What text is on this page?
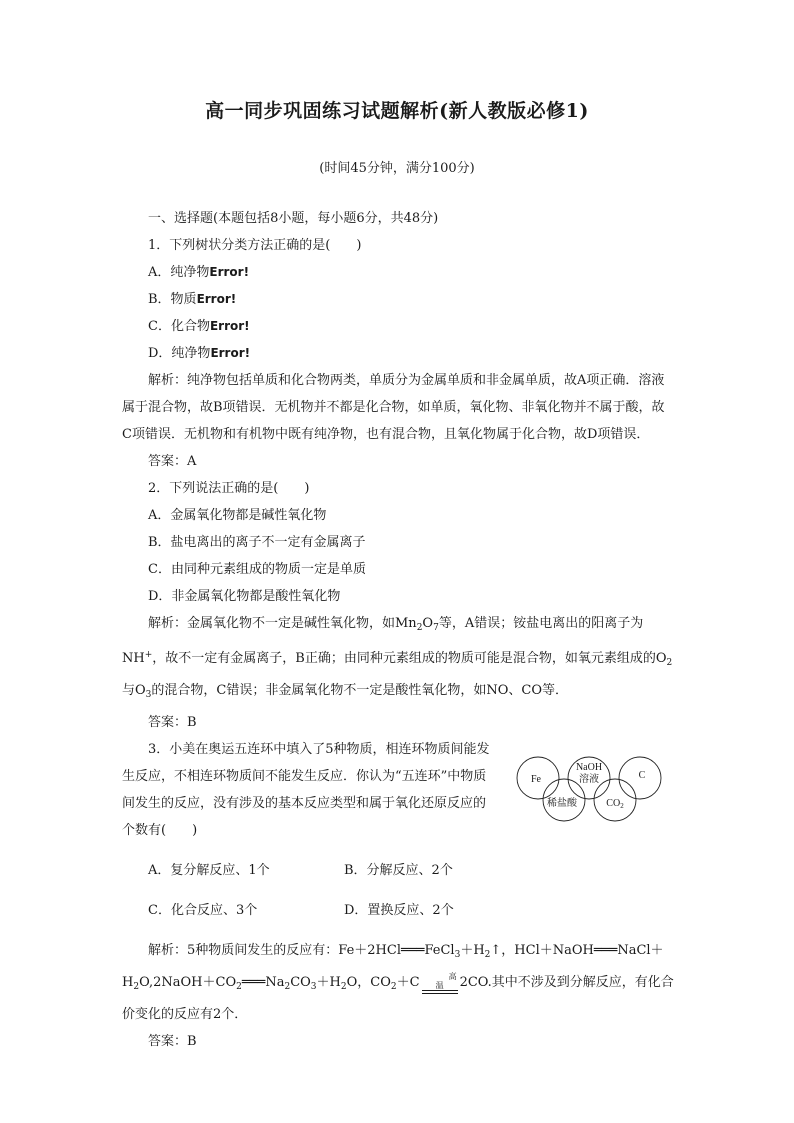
高一同步巩固练习试题解析(新人教版必修1)
(时间45分钟，满分100分)

一、选择题(本题包括8小题，每小题6分，共48分)

1．下列树状分类方法正确的是(　　)

A．纯净物Error!

B．物质Error!

C．化合物Error!

D．纯净物Error!

解析：纯净物包括单质和化合物两类，单质分为金属单质和非金属单质，故A项正确．溶液属于混合物，故B项错误．无机物并不都是化合物，如单质，氧化物、非氧化物并不属于酸，故C项错误．无机物和有机物中既有纯净物，也有混合物，且氧化物属于化合物，故D项错误．

答案：A

2．下列说法正确的是(　　)

A．金属氧化物都是碱性氧化物

B．盐电离出的离子不一定有金属离子

C．由同种元素组成的物质一定是单质

D．非金属氧化物都是酸性氧化物

解析：金属氧化物不一定是碱性氧化物，如$Mn_2O_7$等，A错误；铵盐电离出的阳离子为NH+，故不一定有金属离子，B正确；由同种元素组成的物质可能是混合物，如氧元素组成的$O_2$与$O_3$的混合物，C错误；非金属氧化物不一定是酸性氧化物，如NO、CO等．

答案：B

3．小美在奥运五连环中填入了5种物质，相连环物质间能发生反应，不相连环物质间不能发生反应．你认为“五连环”中物质间发生的反应，没有涉及的基本反应类型和属于氧化还原反应的个数有(　　)

Fe
NaOH
溶液	C
稀盐酸	$CO_2$

A．复分解反应、1个	B．分解反应、2个

C．化合反应、3个	D．置换反应、2个

解析：5种物质间发生的反应有：$Fe+2HCl═══FeCl_3+H_2↑$，$HCl+NaOH═══NaCl+H_2O,2NaOH+CO_2═══Na_2CO_3+H_2O$，$CO_2+C$	高温	2CO.其中不涉及到分解反应，有化合价变化的反应有2个．

答案：B
